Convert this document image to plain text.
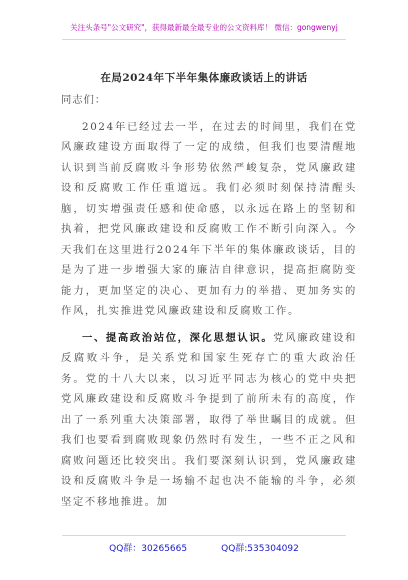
关注头条号"公文研究"，获得最新最全最专业的公文资料库！ 微信：gongwenyj
在局2024年下半年集体廉政谈话上的讲话

同志们：

2024年已经过去一半，在过去的时间里，我们在党风廉政建设方面取得了一定的成绩，但我们也要清醒地认识到当前反腐败斗争形势依然严峻复杂，党风廉政建设和反腐败工作任重道远。我们必须时刻保持清醒头脑，切实增强责任感和使命感，以永远在路上的坚韧和执着，把党风廉政建设和反腐败工作不断引向深入。今天我们在这里进行2024年下半年的集体廉政谈话，目的是为了进一步增强大家的廉洁自律意识，提高拒腐防变能力，更加坚定的决心、更加有力的举措、更加务实的作风，扎实推进党风廉政建设和反腐败工作。

一、提高政治站位，深化思想认识。党风廉政建设和反腐败斗争，是关系党和国家生死存亡的重大政治任务。党的十八大以来，以习近平同志为核心的党中央把党风廉政建设和反腐败斗争提到了前所未有的高度，作出了一系列重大决策部署，取得了举世瞩目的成就。但我们也要看到腐败现象仍然时有发生，一些不正之风和腐败问题还比较突出。我们要深刻认识到，党风廉政建设和反腐败斗争是一场输不起也决不能输的斗争，必须坚定不移地推进。加

QQ群：30265665	QQ群:535304092
